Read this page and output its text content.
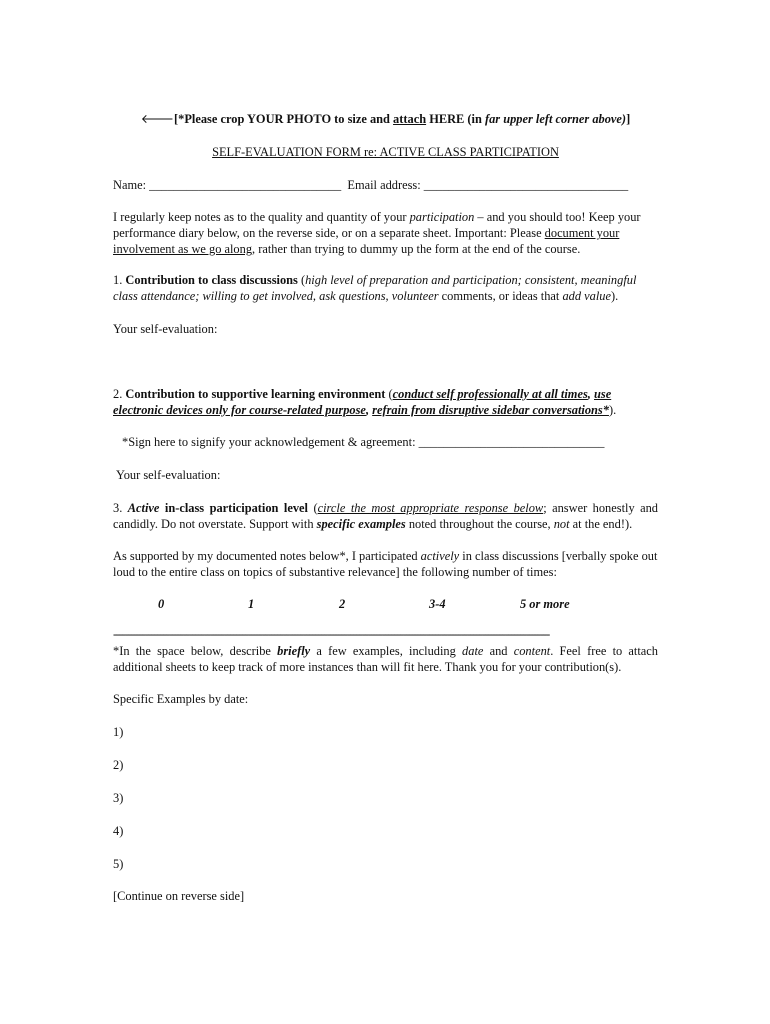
🡐[*Please crop YOUR PHOTO to size and attach HERE (in far upper left corner above)]
SELF-EVALUATION FORM re: ACTIVE CLASS PARTICIPATION
Name: _______________________________ Email address: _________________________________
I regularly keep notes as to the quality and quantity of your participation – and you should too! Keep your performance diary below, on the reverse side, or on a separate sheet. Important: Please document your involvement as we go along, rather than trying to dummy up the form at the end of the course.
1. Contribution to class discussions (high level of preparation and participation; consistent, meaningful class attendance; willing to get involved, ask questions, volunteer comments, or ideas that add value).
Your self-evaluation:
2. Contribution to supportive learning environment (conduct self professionally at all times, use electronic devices only for course-related purpose, refrain from disruptive sidebar conversations*).
*Sign here to signify your acknowledgement & agreement: ______________________________
Your self-evaluation:
3. Active in-class participation level (circle the most appropriate response below; answer honestly and candidly. Do not overstate. Support with specific examples noted throughout the course, not at the end!).
As supported by my documented notes below*, I participated actively in class discussions [verbally spoke out loud to the entire class on topics of substantive relevance] the following number of times:
0	1	2	3-4	5 or more
-----------------------------------------------------------------------------------------------------------------------------------------------------
*In the space below, describe briefly a few examples, including date and content. Feel free to attach additional sheets to keep track of more instances than will fit here. Thank you for your contribution(s).
Specific Examples by date:
1)
2)
3)
4)
5)
[Continue on reverse side]
